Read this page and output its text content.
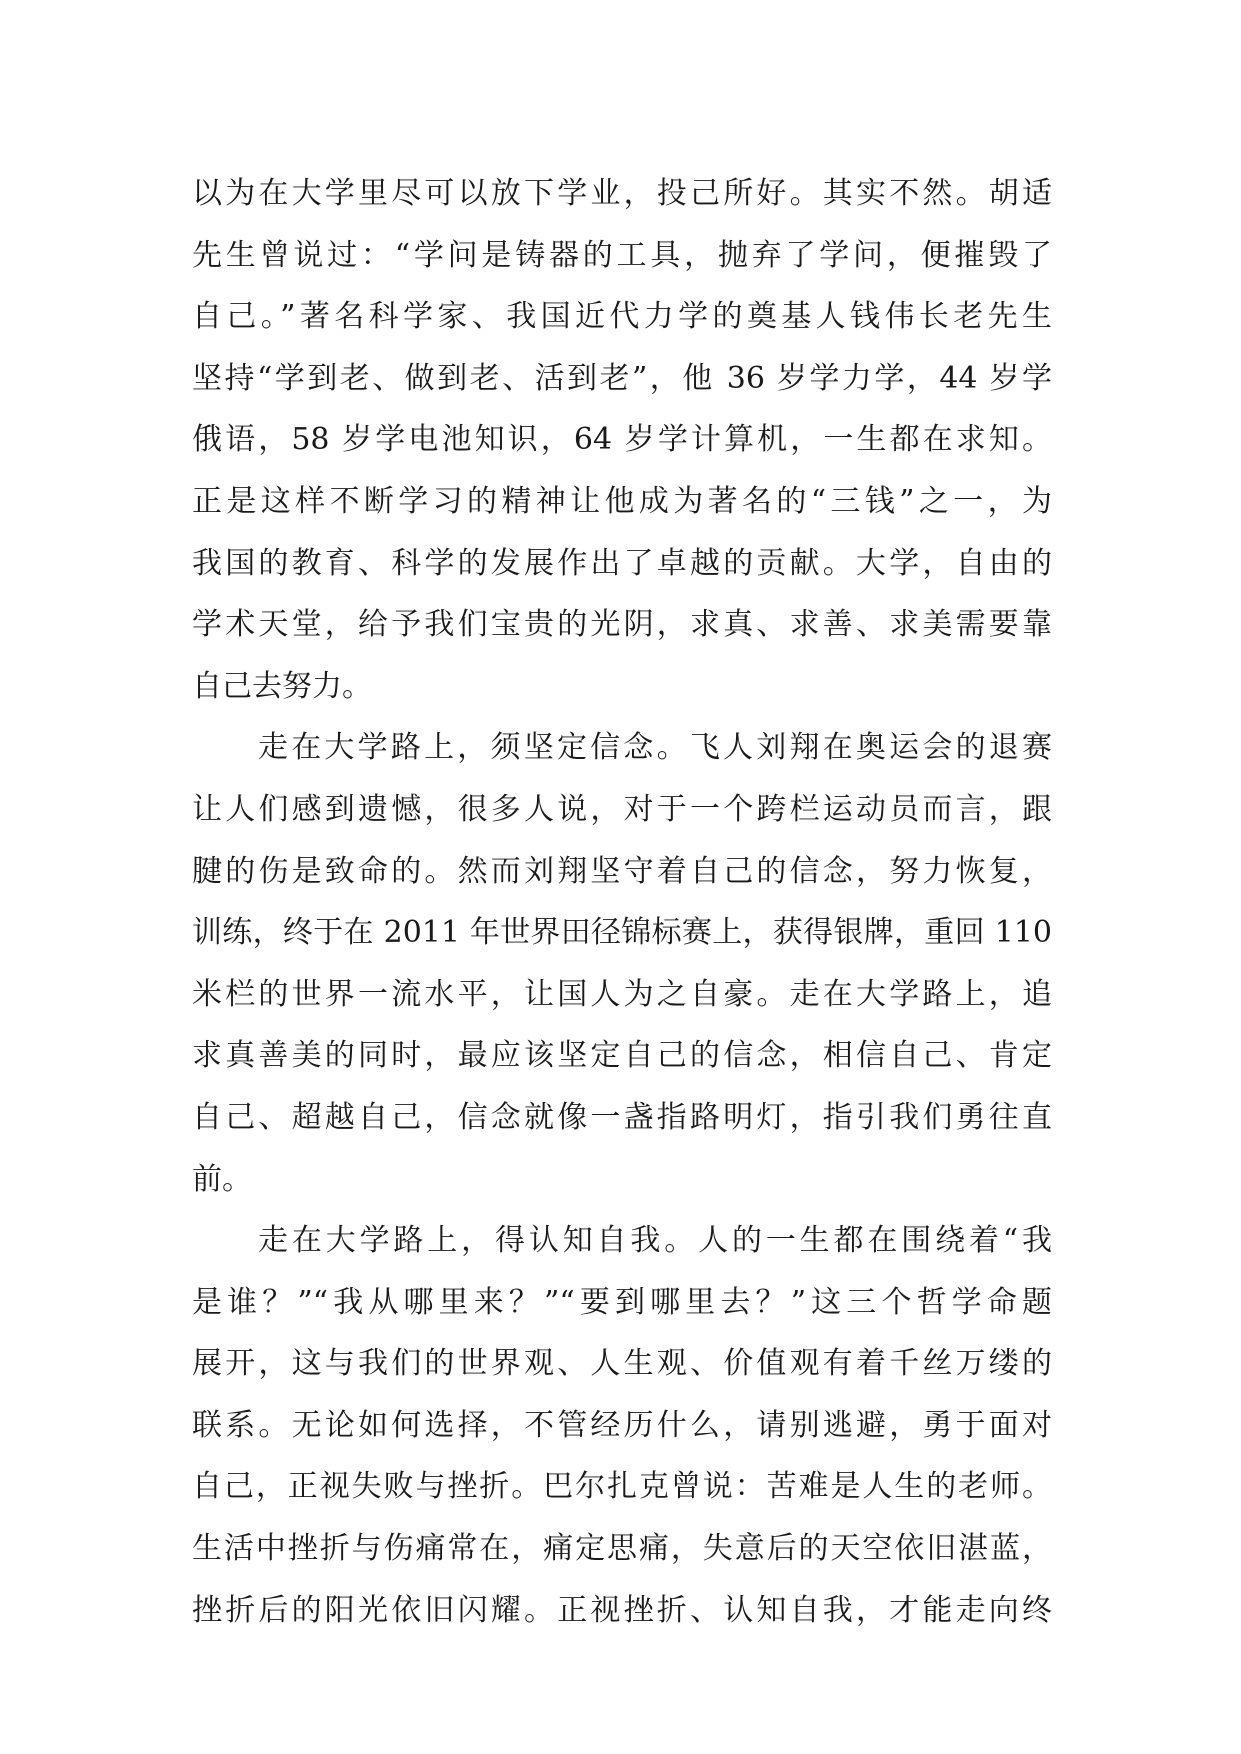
以为在大学里尽可以放下学业，投己所好。其实不然。胡适
先生曾说过：“学问是铸器的工具，抛弃了学问，便摧毁了
自己。”著名科学家、我国近代力学的奠基人钱伟长老先生
坚持“学到老、做到老、活到老”，他 36 岁学力学，44 岁学
俄语，58 岁学电池知识，64 岁学计算机，一生都在求知。
正是这样不断学习的精神让他成为著名的“三钱”之一，为
我国的教育、科学的发展作出了卓越的贡献。大学，自由的
学术天堂，给予我们宝贵的光阴，求真、求善、求美需要靠
自己去努力。
走在大学路上，须坚定信念。飞人刘翔在奥运会的退赛
让人们感到遗憾，很多人说，对于一个跨栏运动员而言，跟
腱的伤是致命的。然而刘翔坚守着自己的信念，努力恢复，
训练，终于在 2011 年世界田径锦标赛上，获得银牌，重回 110
米栏的世界一流水平，让国人为之自豪。走在大学路上，追
求真善美的同时，最应该坚定自己的信念，相信自己、肯定
自己、超越自己，信念就像一盏指路明灯，指引我们勇往直
前。
走在大学路上，得认知自我。人的一生都在围绕着“我
是谁？”“我从哪里来？”“要到哪里去？”这三个哲学命题
展开，这与我们的世界观、人生观、价值观有着千丝万缕的
联系。无论如何选择，不管经历什么，请别逃避，勇于面对
自己，正视失败与挫折。巴尔扎克曾说：苦难是人生的老师。
生活中挫折与伤痛常在，痛定思痛，失意后的天空依旧湛蓝，
挫折后的阳光依旧闪耀。正视挫折、认知自我，才能走向终
